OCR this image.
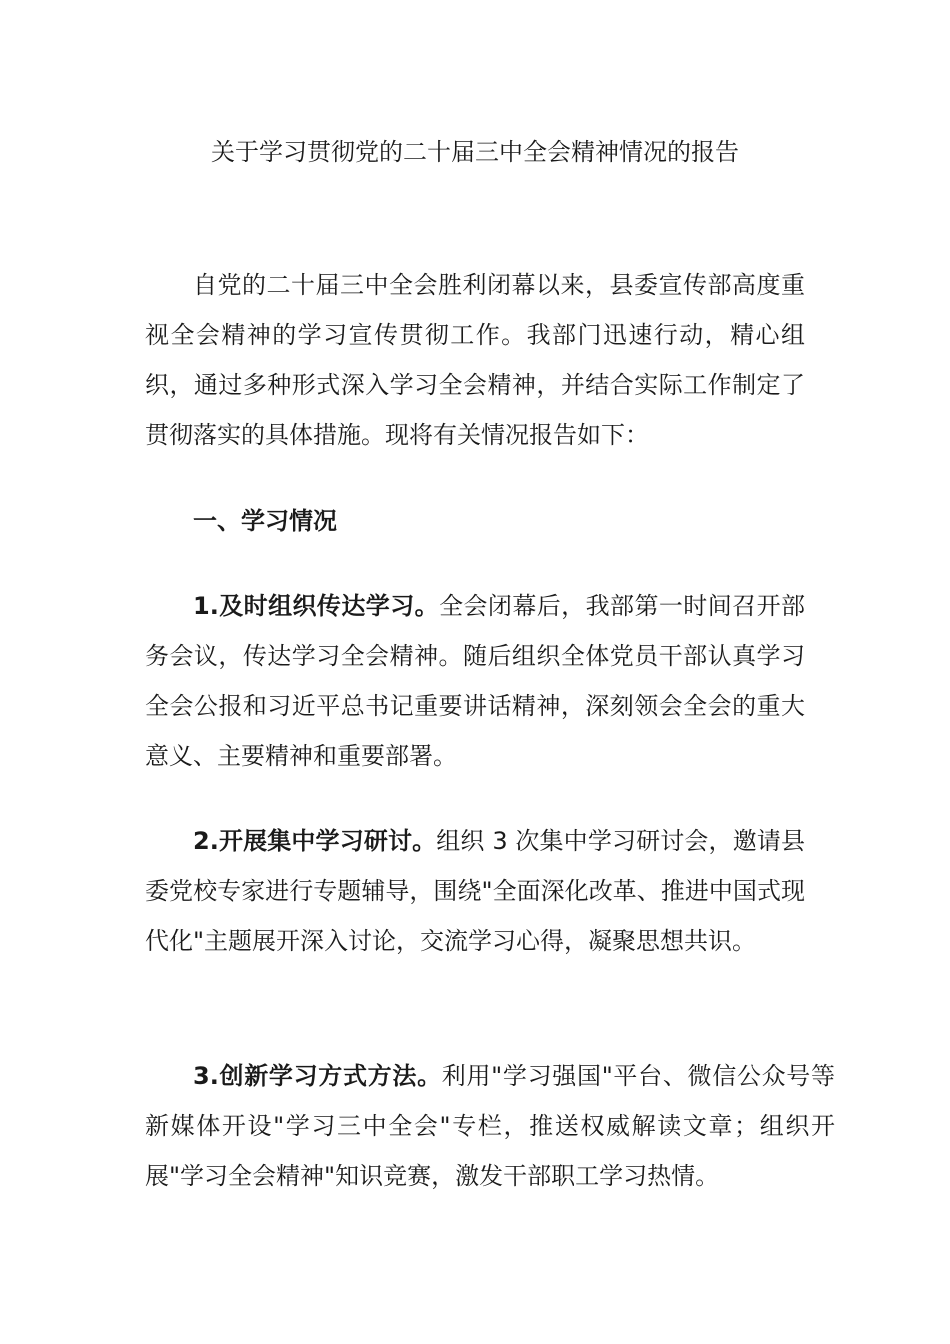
关于学习贯彻党的二十届三中全会精神情况的报告
自党的二十届三中全会胜利闭幕以来，县委宣传部高度重视全会精神的学习宣传贯彻工作。我部门迅速行动，精心组织，通过多种形式深入学习全会精神，并结合实际工作制定了贯彻落实的具体措施。现将有关情况报告如下：
一、学习情况
1.及时组织传达学习。全会闭幕后，我部第一时间召开部务会议，传达学习全会精神。随后组织全体党员干部认真学习全会公报和习近平总书记重要讲话精神，深刻领会全会的重大意义、主要精神和重要部署。
2.开展集中学习研讨。组织 3 次集中学习研讨会，邀请县委党校专家进行专题辅导，围绕"全面深化改革、推进中国式现代化"主题展开深入讨论，交流学习心得，凝聚思想共识。
3.创新学习方式方法。利用"学习强国"平台、微信公众号等新媒体开设"学习三中全会"专栏，推送权威解读文章；组织开展"学习全会精神"知识竞赛，激发干部职工学习热情。
